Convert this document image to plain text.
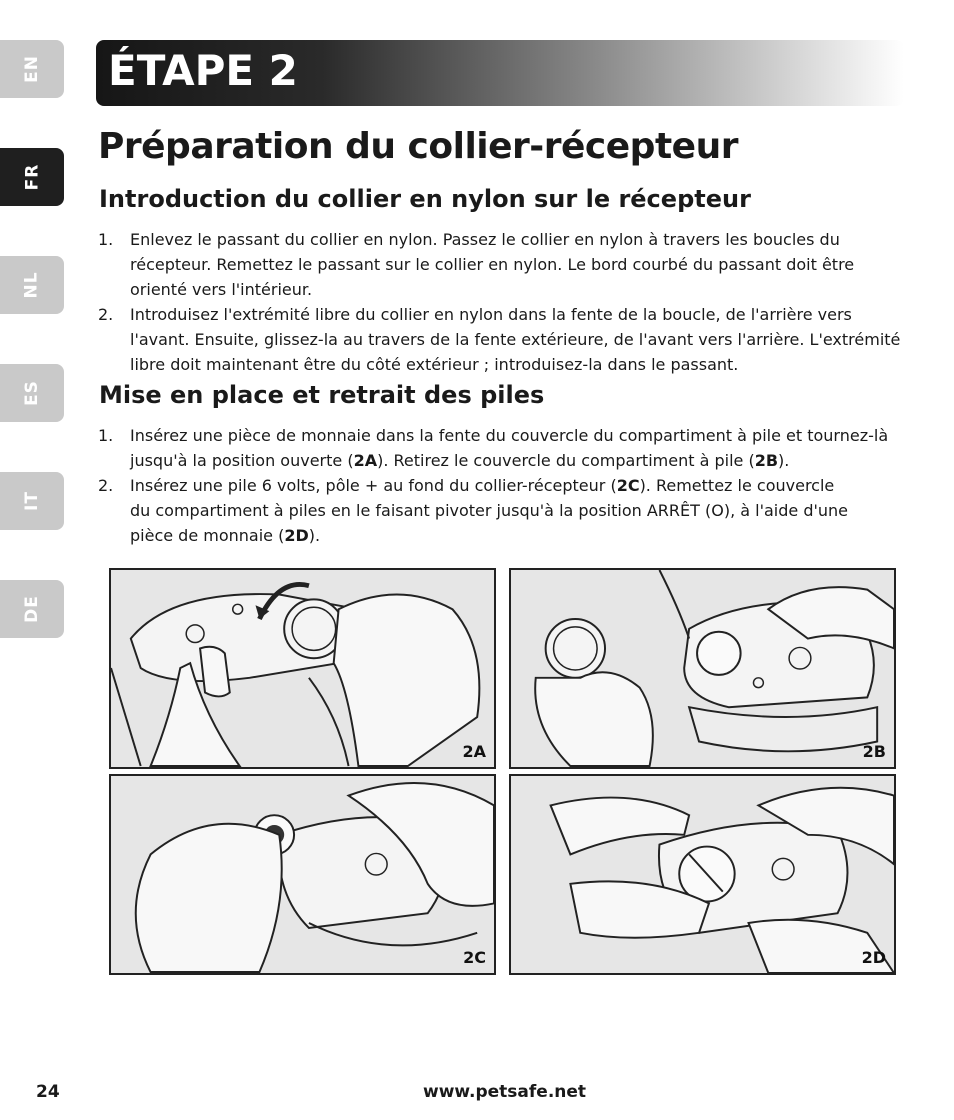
EN
FR
NL
ES
IT
DE
ÉTAPE 2
Préparation du collier-récepteur
Introduction du collier en nylon sur le récepteur
1. Enlevez le passant du collier en nylon. Passez le collier en nylon à travers les boucles du récepteur. Remettez le passant sur le collier en nylon. Le bord courbé du passant doit être orienté vers l'intérieur.
2. Introduisez l'extrémité libre du collier en nylon dans la fente de la boucle, de l'arrière vers l'avant. Ensuite, glissez-la au travers de la fente extérieure, de l'avant vers l'arrière. L'extrémité libre doit maintenant être du côté extérieur ; introduisez-la dans le passant.
Mise en place et retrait des piles
1. Insérez une pièce de monnaie dans la fente du couvercle du compartiment à pile et tournez-là jusqu'à la position ouverte (2A). Retirez le couvercle du compartiment à pile (2B).
2. Insérez une pile 6 volts, pôle + au fond du collier-récepteur (2C). Remettez le couvercle du compartiment à piles en le faisant pivoter jusqu'à la position ARRÊT (O), à l'aide d'une pièce de monnaie (2D).
2A	2B
2C	2D
24	www.petsafe.net
